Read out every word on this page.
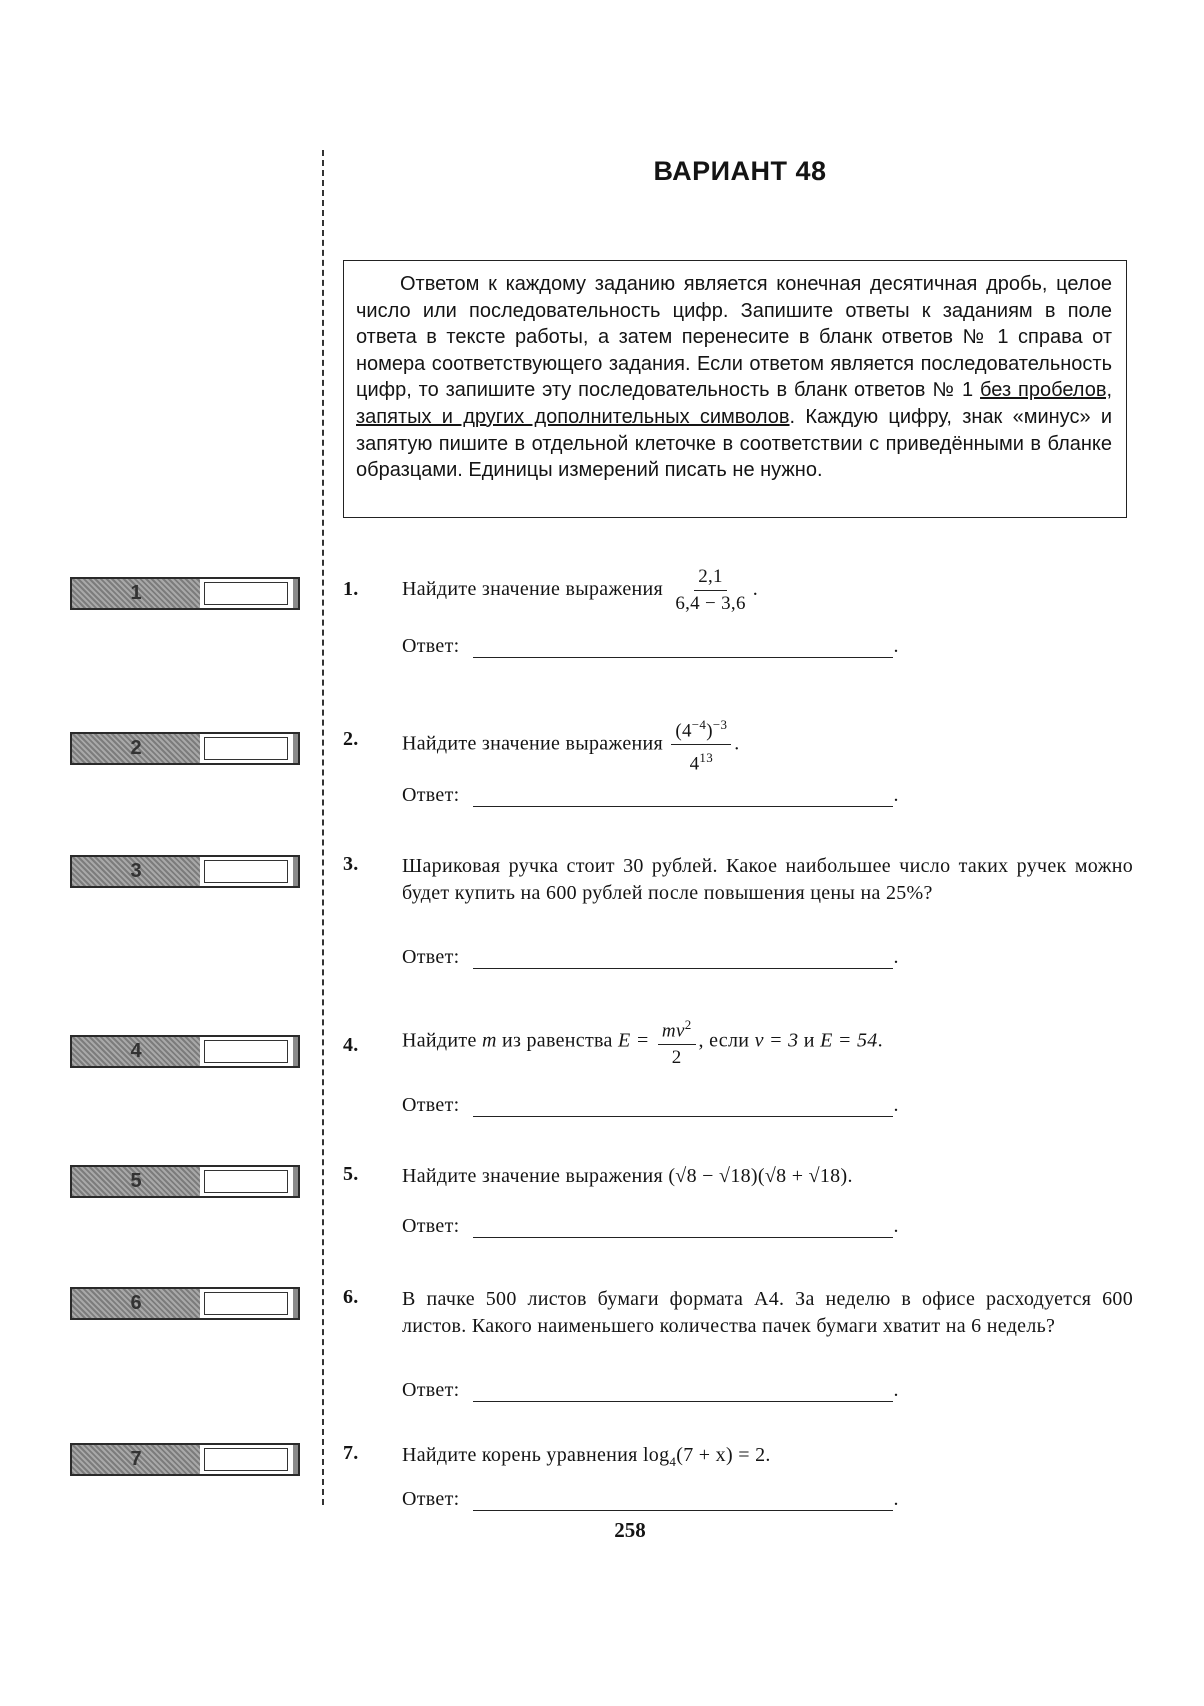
ВАРИАНТ 48
Ответом к каждому заданию является конечная десятичная дробь, целое число или последовательность цифр. Запишите ответы к заданиям в поле ответа в тексте работы, а затем перенесите в бланк ответов № 1 справа от номера соответствующего задания. Если ответом является последовательность цифр, то запишите эту последовательность в бланк ответов № 1 без пробелов, запятых и других дополнительных символов. Каждую цифру, знак «минус» и запятую пишите в отдельной клеточке в соответствии с приведёнными в бланке образцами. Единицы измерений писать не нужно.
1
2
3
4
5
6
7
1. Найдите значение выражения $\frac{2,1}{6,4 - 3,6}$ .
Ответ:	.
2. Найдите значение выражения $\frac{(4^{-4})^{-3}}{4^{13}}$ .
Ответ:	.
3. Шариковая ручка стоит 30 рублей. Какое наибольшее число таких ручек можно будет купить на 600 рублей после повышения цены на 25%?
Ответ:	.
4. Найдите m из равенства $E = \frac{mv^2}{2}$ , если v = 3 и E = 54.
Ответ:	.
5. Найдите значение выражения (√8 − √18)(√8 + √18).
Ответ:	.
6. В пачке 500 листов бумаги формата А4. За неделю в офисе расходуется 600 листов. Какого наименьшего количества пачек бумаги хватит на 6 недель?
Ответ:	.
7. Найдите корень уравнения $\log_4(7 + x) = 2$.
Ответ:	.
258
